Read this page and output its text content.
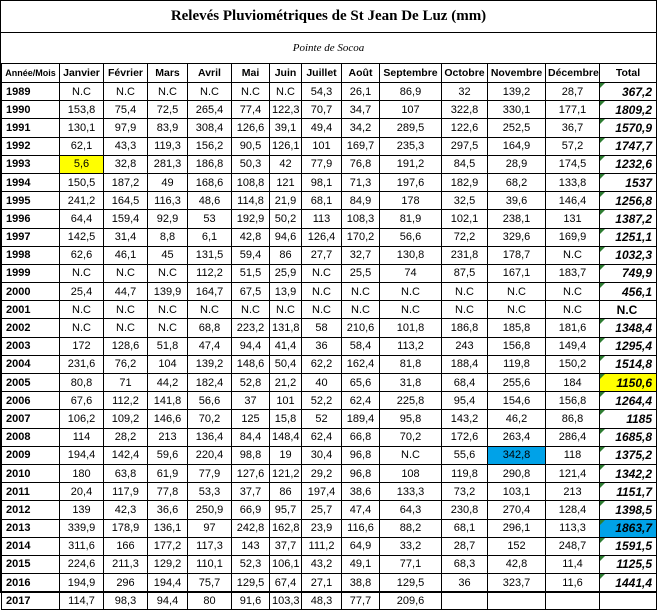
Relevés Pluviométriques de St Jean De Luz (mm)
Pointe de Socoa
Année/Mois	Janvier	Février	Mars	Avril	Mai	Juin	Juillet	Août	Septembre	Octobre	Novembre	Décembre	Total
1989	N.C	N.C	N.C	N.C	N.C	N.C	54,3	26,1	86,9	32	139,2	28,7	367,2
1990	153,8	75,4	72,5	265,4	77,4	122,3	70,7	34,7	107	322,8	330,1	177,1	1809,2
1991	130,1	97,9	83,9	308,4	126,6	39,1	49,4	34,2	289,5	122,6	252,5	36,7	1570,9
1992	62,1	43,3	119,3	156,2	90,5	126,1	101	169,7	235,3	297,5	164,9	57,2	1747,7
1993	5,6	32,8	281,3	186,8	50,3	42	77,9	76,8	191,2	84,5	28,9	174,5	1232,6
1994	150,5	187,2	49	168,6	108,8	121	98,1	71,3	197,6	182,9	68,2	133,8	1537
1995	241,2	164,5	116,3	48,6	114,8	21,9	68,1	84,9	178	32,5	39,6	146,4	1256,8
1996	64,4	159,4	92,9	53	192,9	50,2	113	108,3	81,9	102,1	238,1	131	1387,2
1997	142,5	31,4	8,8	6,1	42,8	94,6	126,4	170,2	56,6	72,2	329,6	169,9	1251,1
1998	62,6	46,1	45	131,5	59,4	86	27,7	32,7	130,8	231,8	178,7	N.C	1032,3
1999	N.C	N.C	N.C	112,2	51,5	25,9	N.C	25,5	74	87,5	167,1	183,7	749,9
2000	25,4	44,7	139,9	164,7	67,5	13,9	N.C	N.C	N.C	N.C	N.C	N.C	456,1
2001	N.C	N.C	N.C	N.C	N.C	N.C	N.C	N.C	N.C	N.C	N.C	N.C	N.C
2002	N.C	N.C	N.C	68,8	223,2	131,8	58	210,6	101,8	186,8	185,8	181,6	1348,4
2003	172	128,6	51,8	47,4	94,4	41,4	36	58,4	113,2	243	156,8	149,4	1295,4
2004	231,6	76,2	104	139,2	148,6	50,4	62,2	162,4	81,8	188,4	119,8	150,2	1514,8
2005	80,8	71	44,2	182,4	52,8	21,2	40	65,6	31,8	68,4	255,6	184	1150,6
2006	67,6	112,2	141,8	56,6	37	101	52,2	62,4	225,8	95,4	154,6	156,8	1264,4
2007	106,2	109,2	146,6	70,2	125	15,8	52	189,4	95,8	143,2	46,2	86,8	1185
2008	114	28,2	213	136,4	84,4	148,4	62,4	66,8	70,2	172,6	263,4	286,4	1685,8
2009	194,4	142,4	59,6	220,4	98,8	19	30,4	96,8	N.C	55,6	342,8	118	1375,2
2010	180	63,8	61,9	77,9	127,6	121,2	29,2	96,8	108	119,8	290,8	121,4	1342,2
2011	20,4	117,9	77,8	53,3	37,7	86	197,4	38,6	133,3	73,2	103,1	213	1151,7
2012	139	42,3	36,6	250,9	66,9	95,7	25,7	47,4	64,3	230,8	270,4	128,4	1398,5
2013	339,9	178,9	136,1	97	242,8	162,8	23,9	116,6	88,2	68,1	296,1	113,3	1863,7
2014	311,6	166	177,2	117,3	143	37,7	111,2	64,9	33,2	28,7	152	248,7	1591,5
2015	224,6	211,3	129,2	110,1	52,3	106,1	43,2	49,1	77,1	68,3	42,8	11,4	1125,5
2016	194,9	296	194,4	75,7	129,5	67,4	27,1	38,8	129,5	36	323,7	11,6	1441,4
2017	114,7	98,3	94,4	80	91,6	103,3	48,3	77,7	209,6				
